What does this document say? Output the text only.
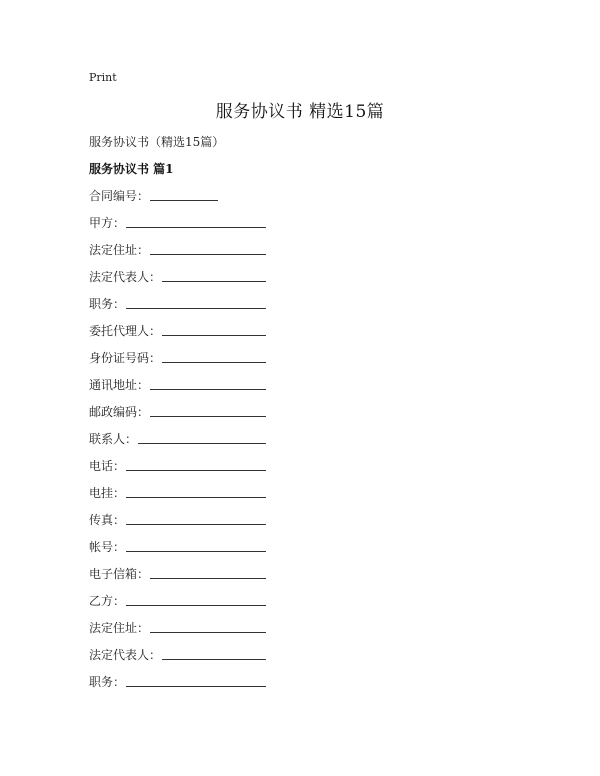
Print
服务协议书 精选15篇
服务协议书（精选15篇）
服务协议书 篇1
合同编号：
甲方：
法定住址：
法定代表人：
职务：
委托代理人：
身份证号码：
通讯地址：
邮政编码：
联系人：
电话：
电挂：
传真：
帐号：
电子信箱：
乙方：
法定住址：
法定代表人：
职务：
